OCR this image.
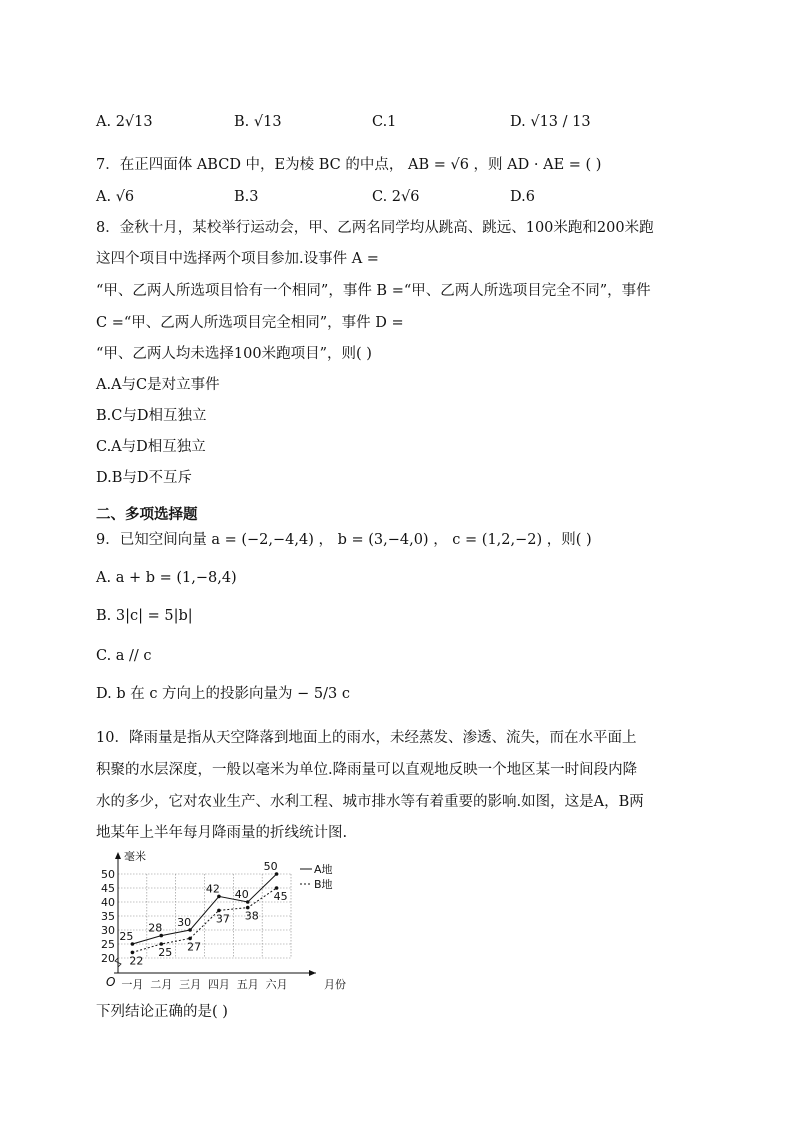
A. 2√13	B. √13	C.1	D. √13 / 13
7．在正四面体 ABCD 中，E为棱 BC 的中点， AB = √6 ，则 AD · AE = ( )
A. √6	B.3	C. 2√6	D.6
8．金秋十月，某校举行运动会，甲、乙两名同学均从跳高、跳远、100米跑和200米跑
这四个项目中选择两个项目参加.设事件 A =
“甲、乙两人所选项目恰有一个相同”，事件 B =“甲、乙两人所选项目完全不同”，事件
C =“甲、乙两人所选项目完全相同”，事件 D =
“甲、乙两人均未选择100米跑项目”，则( )
A.A与C是对立事件
B.C与D相互独立
C.A与D相互独立
D.B与D不互斥
二、多项选择题
9．已知空间向量 a = (−2,−4,4) ， b = (3,−4,0) ， c = (1,2,−2) ，则( )
A. a + b = (1,−8,4)
B. 3|c| = 5|b|
C. a // c
D. b 在 c 方向上的投影向量为 − 5/3 c
10．降雨量是指从天空降落到地面上的雨水，未经蒸发、渗透、流失，而在水平面上
积聚的水层深度，一般以毫米为单位.降雨量可以直观地反映一个地区某一时间段内降
水的多少，它对农业生产、水利工程、城市排水等有着重要的影响.如图，这是A，B两
地某年上半年每月降雨量的折线统计图.
20
25
30
35
40
45
50
毫米
月份
O 一月 二月 三月 四月 五月 六月
25
28 30
42 40
50
22
25 27
37 38
45
A地
B地
下列结论正确的是( )
